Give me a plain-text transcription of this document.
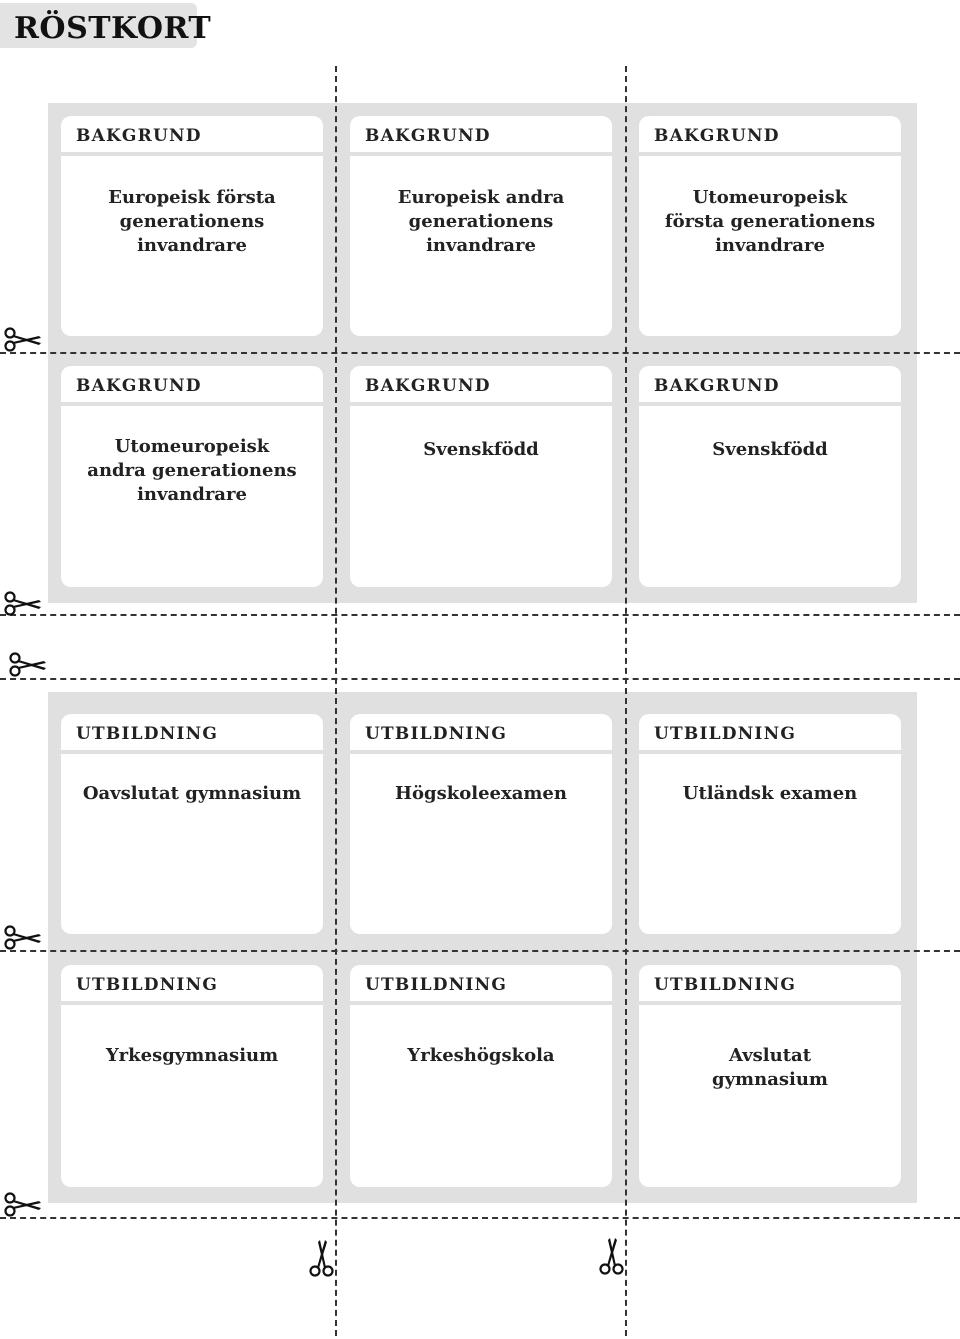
RÖSTKORT
BAKGRUND
Europeisk första
generationens
invandrare
BAKGRUND
Europeisk andra
generationens
invandrare
BAKGRUND
Utomeuropeisk
första generationens
invandrare
BAKGRUND
Utomeuropeisk
andra generationens
invandrare
BAKGRUND
Svenskfödd
BAKGRUND
Svenskfödd
UTBILDNING
Oavslutat gymnasium
UTBILDNING
Högskoleexamen
UTBILDNING
Utländsk examen
UTBILDNING
Yrkesgymnasium
UTBILDNING
Yrkeshögskola
UTBILDNING
Avslutat
gymnasium
